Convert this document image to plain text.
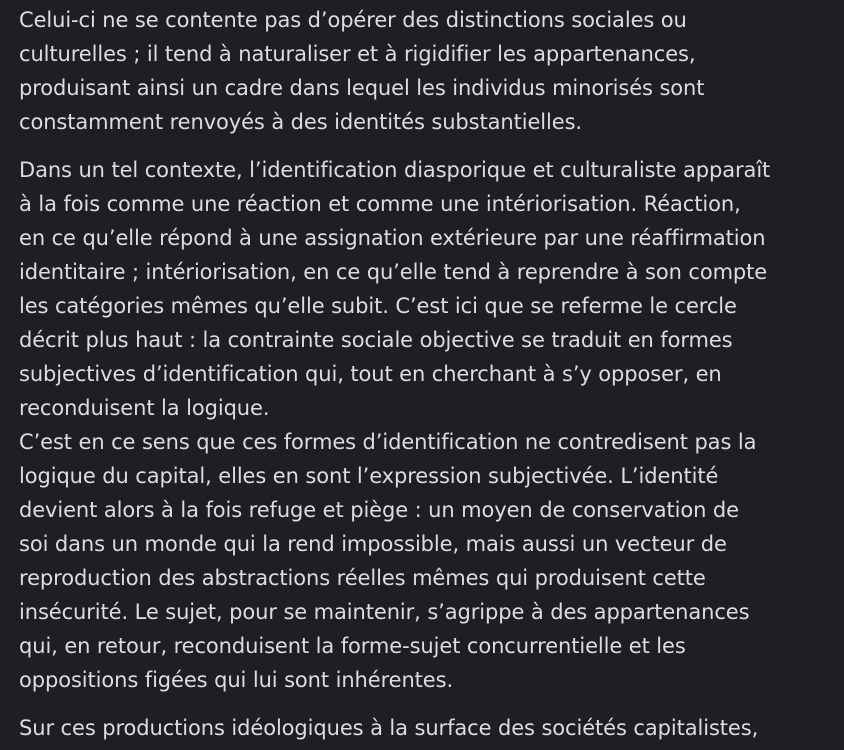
Celui-ci ne se contente pas d’opérer des distinctions sociales ou
culturelles ; il tend à naturaliser et à rigidifier les appartenances,
produisant ainsi un cadre dans lequel les individus minorisés sont
constamment renvoyés à des identités substantielles.

Dans un tel contexte, l’identification diasporique et culturaliste apparaît
à la fois comme une réaction et comme une intériorisation. Réaction,
en ce qu’elle répond à une assignation extérieure par une réaffirmation
identitaire ; intériorisation, en ce qu’elle tend à reprendre à son compte
les catégories mêmes qu’elle subit. C’est ici que se referme le cercle
décrit plus haut : la contrainte sociale objective se traduit en formes
subjectives d’identification qui, tout en cherchant à s’y opposer, en
reconduisent la logique.

C’est en ce sens que ces formes d’identification ne contredisent pas la
logique du capital, elles en sont l’expression subjectivée. L’identité
devient alors à la fois refuge et piège : un moyen de conservation de
soi dans un monde qui la rend impossible, mais aussi un vecteur de
reproduction des abstractions réelles mêmes qui produisent cette
insécurité. Le sujet, pour se maintenir, s’agrippe à des appartenances
qui, en retour, reconduisent la forme-sujet concurrentielle et les
oppositions figées qui lui sont inhérentes.

Sur ces productions idéologiques à la surface des sociétés capitalistes,
